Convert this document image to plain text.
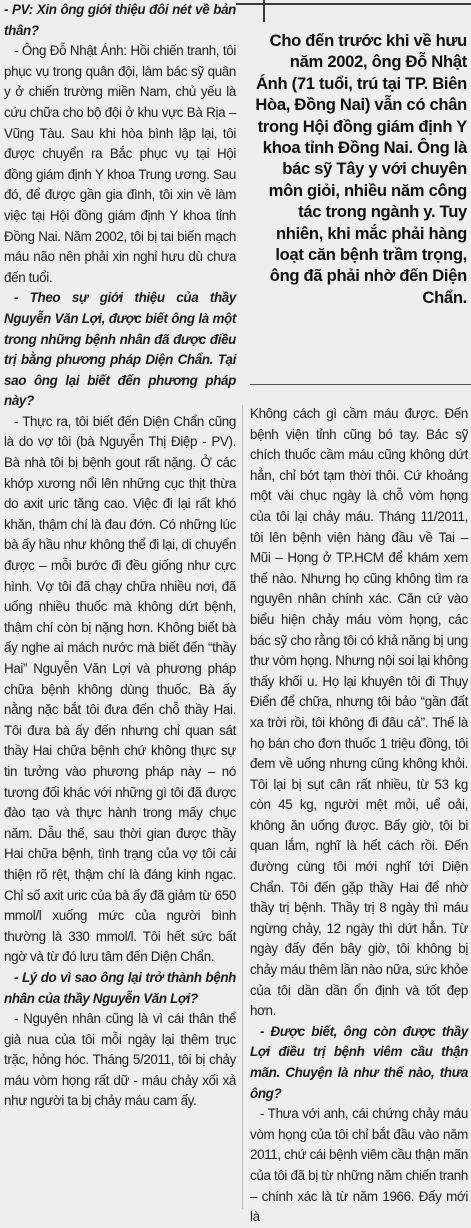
- PV: Xin ông giới thiệu đôi nét về bản thân?

- Ông Đỗ Nhật Ánh: Hồi chiến tranh, tôi phục vụ trong quân đội, làm bác sỹ quân y ở chiến trường miền Nam, chủ yếu là cứu chữa cho bộ đội ở khu vực Bà Rịa – Vũng Tàu. Sau khi hòa bình lập lại, tôi được chuyển ra Bắc phục vụ tại Hội đồng giám định Y khoa Trung ương. Sau đó, để được gần gia đình, tôi xin về làm việc tại Hội đồng giám định Y khoa tỉnh Đồng Nai. Năm 2002, tôi bị tai biến mạch máu não nên phải xin nghỉ hưu dù chưa đến tuổi.

- Theo sự giới thiệu của thầy Nguyễn Văn Lợi, được biết ông là một trong những bệnh nhân đã được điều trị bằng phương pháp Diện Chẩn. Tại sao ông lại biết đến phương pháp này?

- Thực ra, tôi biết đến Diện Chẩn cũng là do vợ tôi (bà Nguyễn Thị Điệp - PV). Bà nhà tôi bị bệnh gout rất nặng. Ở các khớp xương nổi lên những cục thịt thừa do axit uric tăng cao. Việc đi lại rất khó khăn, thậm chí là đau đớn. Có những lúc bà ấy hầu như không thể đi lại, di chuyển được – mỗi bước đi đều giống như cực hình. Vợ tôi đã chạy chữa nhiều nơi, đã uống nhiều thuốc mà không dứt bệnh, thậm chí còn bị nặng hơn. Không biết bà ấy nghe ai mách nước mà biết đến “thầy Hai” Nguyễn Văn Lợi và phương pháp chữa bệnh không dùng thuốc. Bà ấy nằng nặc bắt tôi đưa đến chỗ thầy Hai. Tôi đưa bà ấy đến nhưng chỉ quan sát thầy Hai chữa bệnh chứ không thực sự tin tưởng vào phương pháp này – nó tương đối khác với những gì tôi đã được đào tạo và thực hành trong mấy chục năm. Dẫu thế, sau thời gian được thầy Hai chữa bệnh, tình trạng của vợ tôi cải thiện rõ rệt, thậm chí là đáng kinh ngạc. Chỉ số axit uric của bà ấy đã giảm từ 650 mmol/l xuống mức của người bình thường là 330 mmol/l. Tôi hết sức bất ngờ và từ đó lưu tâm đến Diện Chẩn.

- Lý do vì sao ông lại trở thành bệnh nhân của thầy Nguyễn Văn Lợi?

- Nguyên nhân cũng là vì cái thân thể già nua của tôi mỗi ngày lại thêm trục trặc, hỏng hóc. Tháng 5/2011, tôi bị chảy máu vòm họng rất dữ - máu chảy xối xả như người ta bị chảy máu cam ấy.

Cho đến trước khi về hưu năm 2002, ông Đỗ Nhật Ánh (71 tuổi, trú tại TP. Biên Hòa, Đồng Nai) vẫn có chân trong Hội đồng giám định Y khoa tỉnh Đồng Nai. Ông là bác sỹ Tây y với chuyên môn giỏi, nhiều năm công tác trong ngành y. Tuy nhiên, khi mắc phải hàng loạt căn bệnh trầm trọng, ông đã phải nhờ đến Diện Chẩn.

Không cách gì cầm máu được. Đến bệnh viện tỉnh cũng bó tay. Bác sỹ chích thuốc cầm máu cũng không dứt hẳn, chỉ bớt tạm thời thôi. Cứ khoảng một vài chục ngày là chỗ vòm họng của tôi lại chảy máu. Tháng 11/2011, tôi lên bệnh viện hàng đầu về Tai – Mũi – Họng ở TP.HCM để khám xem thế nào. Nhưng họ cũng không tìm ra nguyên nhân chính xác. Căn cứ vào biểu hiện chảy máu vòm họng, các bác sỹ cho rằng tôi có khả năng bị ung thư vòm họng. Nhưng nội soi lại không thấy khối u. Họ lại khuyên tôi đi Thụy Điển để chữa, nhưng tôi bảo “gần đất xa trời rồi, tôi không đi đâu cả”. Thế là họ bán cho đơn thuốc 1 triệu đồng, tôi đem về uống nhưng cũng không khỏi. Tôi lại bị sụt cân rất nhiều, từ 53 kg còn 45 kg, người mệt mỏi, uể oải, không ăn uống được. Bấy giờ, tôi bi quan lắm, nghĩ là hết cách rồi. Đến đường cùng tôi mới nghĩ tới Diện Chẩn. Tôi đến gặp thầy Hai để nhờ thầy trị bệnh. Thầy trị 8 ngày thì máu ngừng chảy, 12 ngày thì dứt hẳn. Từ ngày đấy đến bây giờ, tôi không bị chảy máu thêm lần nào nữa, sức khỏe của tôi dần dần ổn định và tốt đẹp hơn.

- Được biết, ông còn được thầy Lợi điều trị bệnh viêm cầu thận mãn. Chuyện là như thế nào, thưa ông?

- Thưa với anh, cái chứng chảy máu vòm họng của tôi chỉ bắt đầu vào năm 2011, chứ cái bệnh viêm cầu thận mãn của tôi đã bị từ những năm chiến tranh – chính xác là từ năm 1966. Đấy mới là
